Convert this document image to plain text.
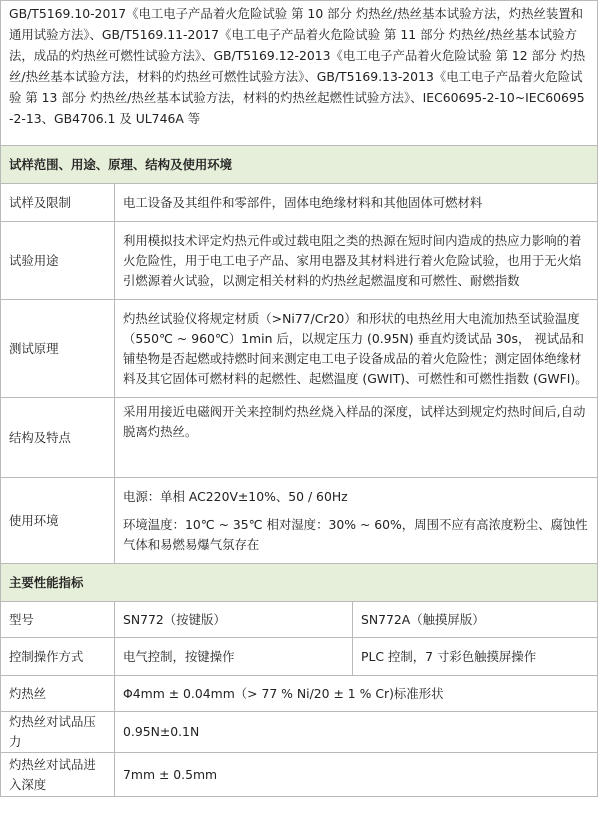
GB/T5169.10-2017《电工电子产品着火危险试验 第 10 部分 灼热丝/热丝基本试验方法，灼热丝装置和通用试验方法》、GB/T5169.11-2017《电工电子产品着火危险试验 第 11 部分 灼热丝/热丝基本试验方法，成品的灼热丝可燃性试验方法》、GB/T5169.12-2013《电工电子产品着火危险试验 第 12 部分 灼热丝/热丝基本试验方法，材料的灼热丝可燃性试验方法》、GB/T5169.13-2013《电工电子产品着火危险试验 第 13 部分 灼热丝/热丝基本试验方法，材料的灼热丝起燃性试验方法》、IEC60695-2-10~IEC60695-2-13、GB4706.1 及 UL746A 等		
试样范围、用途、原理、结构及使用环境		
试样及限制	电工设备及其组件和零部件，固体电绝缘材料和其他固体可燃材料	
试验用途	利用模拟技术评定灼热元件或过载电阻之类的热源在短时间内造成的热应力影响的着火危险性，用于电工电子产品、家用电器及其材料进行着火危险试验，也用于无火焰引燃源着火试验，以测定相关材料的灼热丝起燃温度和可燃性、耐燃指数	
测试原理	灼热丝试验仪将规定材质（>Ni77/Cr20）和形状的电热丝用大电流加热至试验温度（550℃ ~ 960℃）1min 后，以规定压力 (0.95N) 垂直灼烫试品 30s， 视试品和铺垫物是否起燃或持燃时间来测定电工电子设备成品的着火危险性；测定固体绝缘材料及其它固体可燃材料的起燃性、起燃温度 (GWIT)、可燃性和可燃性指数 (GWFI)。	
结构及特点	采用用接近电磁阀开关来控制灼热丝烧入样品的深度，试样达到规定灼热时间后,自动脱离灼热丝。	
使用环境	电源：单相 AC220V±10%、50 / 60Hz

环境温度：10℃ ~ 35℃ 相对湿度：30% ~ 60%，周围不应有高浓度粉尘、腐蚀性气体和易燃易爆气氛存在	

主要性能指标		
型号	SN772（按键版）	SN772A（触摸屏版）
控制操作方式	电气控制，按键操作	PLC 控制，7 寸彩色触摸屏操作
灼热丝	Φ4mm ± 0.04mm（> 77 % Ni/20 ± 1 % Cr)标准形状	
灼热丝对试品压力	0.95N±0.1N	
灼热丝对试品进入深度	7mm ± 0.5mm	
